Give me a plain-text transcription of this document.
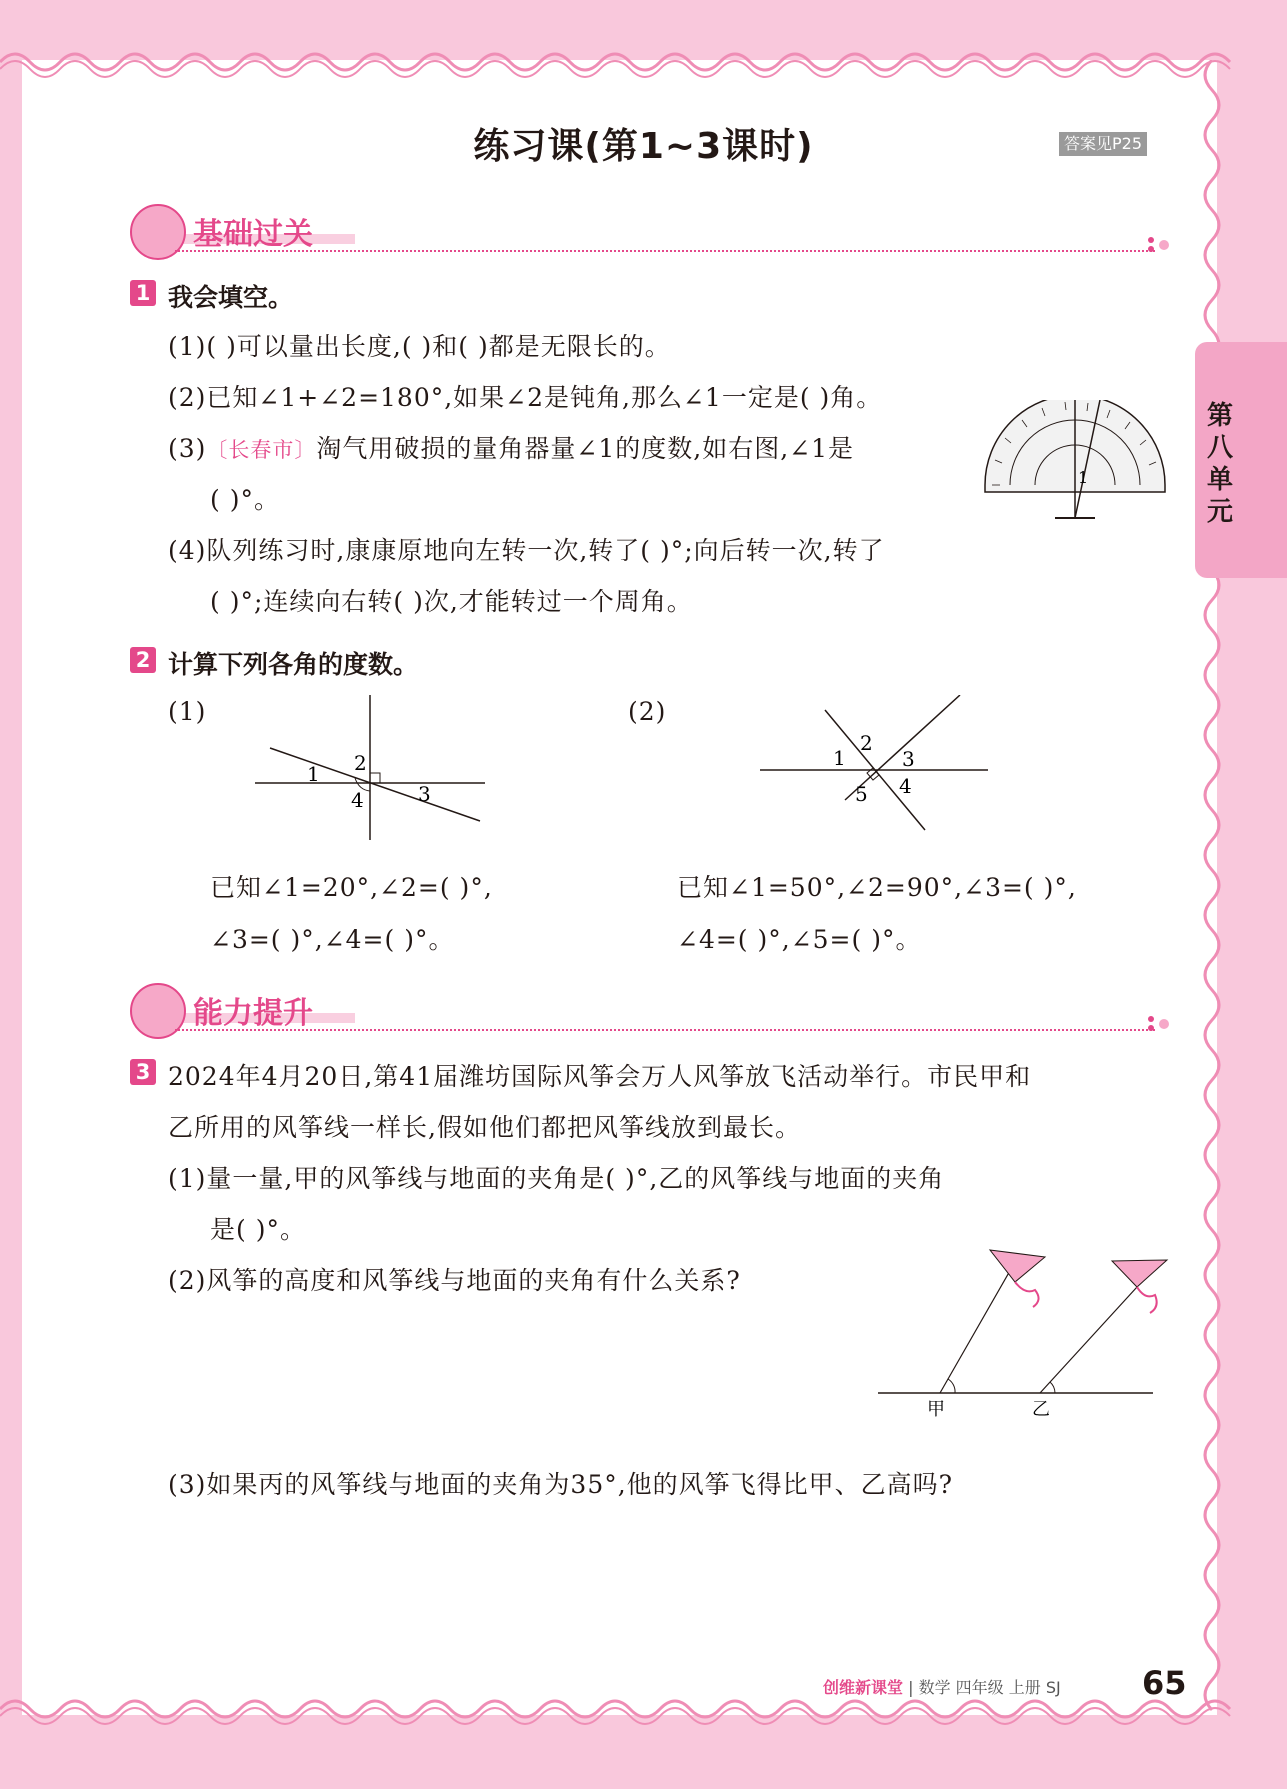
第八单元
练习课(第1~3课时)	答案见P25
基础过关
1 我会填空。
(1)( )可以量出长度,( )和( )都是无限长的。
(2)已知∠1+∠2=180°,如果∠2是钝角,那么∠1一定是( )角。
(3)〔长春市〕淘气用破损的量角器量∠1的度数,如右图,∠1是
( )°。
(4)队列练习时,康康原地向左转一次,转了( )°;向后转一次,转了
( )°;连续向右转( )次,才能转过一个周角。
1
2 计算下列各角的度数。
(1)	(2)
1 2
3
4
1
2
3
4
5
已知∠1=20°,∠2=( )°,
∠3=( )°,∠4=( )°。
已知∠1=50°,∠2=90°,∠3=( )°,
∠4=( )°,∠5=( )°。
能力提升
3 2024年4月20日,第41届潍坊国际风筝会万人风筝放飞活动举行。市民甲和
乙所用的风筝线一样长,假如他们都把风筝线放到最长。
(1)量一量,甲的风筝线与地面的夹角是( )°,乙的风筝线与地面的夹角
是( )°。
(2)风筝的高度和风筝线与地面的夹角有什么关系?
(3)如果丙的风筝线与地面的夹角为35°,他的风筝飞得比甲、乙高吗?
甲	乙
创维新课堂 | 数学 四年级 上册 SJ	65
